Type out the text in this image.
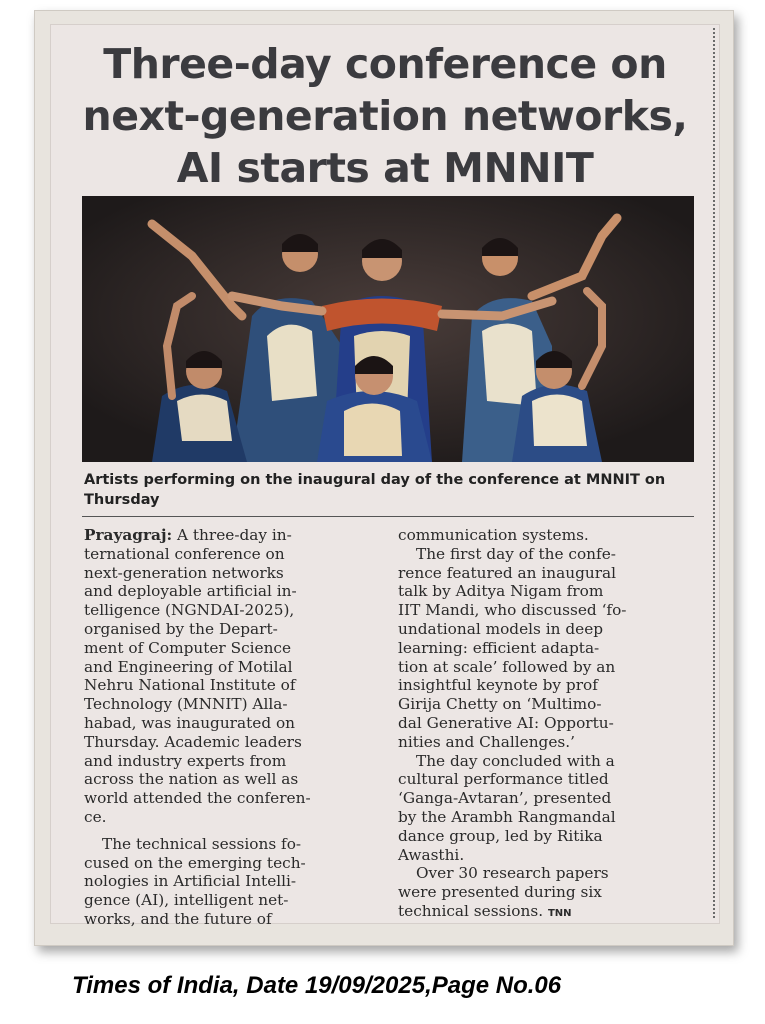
Three-day conference on
next-generation networks,
AI starts at MNNIT
Artists performing on the inaugural day of the conference at MNNIT on Thursday

Prayagraj: A three-day in-

ternational conference on

next-generation networks

and deployable artificial in-

telligence (NGNDAI-2025),

organised by the Depart-

ment of Computer Science

and Engineering of Motilal

Nehru National Institute of

Technology (MNNIT) Alla-

habad, was inaugurated on

Thursday. Academic leaders

and industry experts from

across the nation as well as

world attended the conferen-

ce.

The technical sessions fo-

cused on the emerging tech-

nologies in Artificial Intelli-

gence (AI), intelligent net-

works, and the future of

communication systems.

The first day of the confe-

rence featured an inaugural

talk by Aditya Nigam from

IIT Mandi, who discussed ‘fo-

undational models in deep

learning: efficient adapta-

tion at scale’ followed by an

insightful keynote by prof

Girija Chetty on ‘Multimo-

dal Generative AI: Opportu-

nities and Challenges.’

The day concluded with a

cultural performance titled

‘Ganga-Avtaran’, presented

by the Arambh Rangmandal

dance group, led by Ritika

Awasthi.

Over 30 research papers

were presented during six

technical sessions. TNN

Times of India, Date 19/09/2025,Page No.06
